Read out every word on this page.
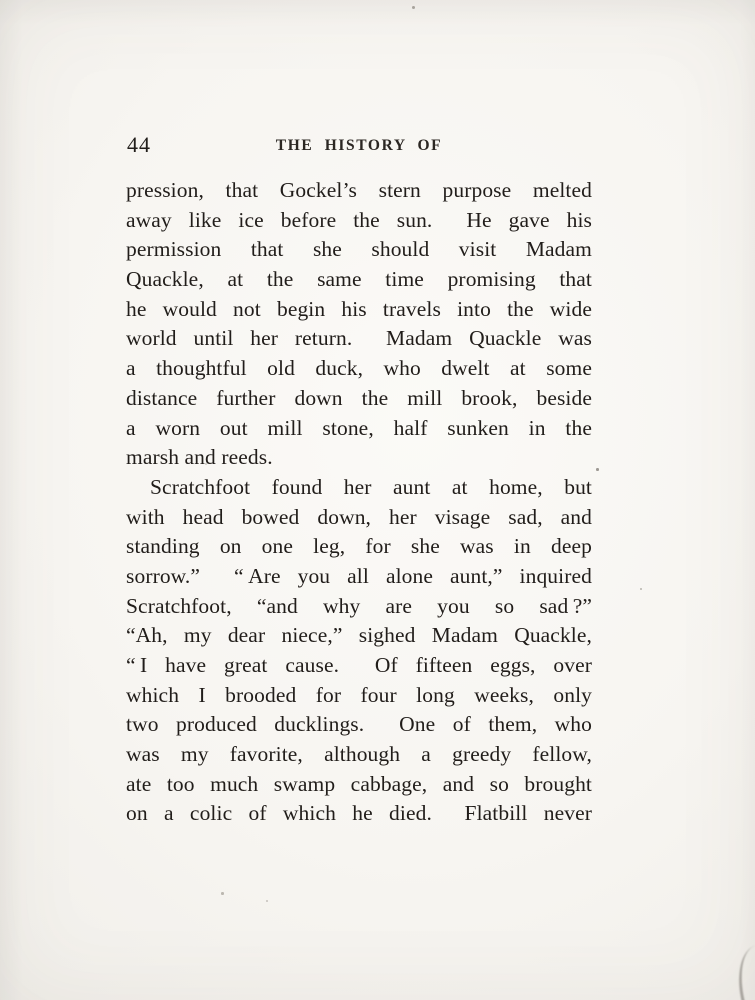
44	THE HISTORY OF
pression, that Gockel’s stern purpose melted
away like ice before the sun.  He gave his
permission that she should visit Madam
Quackle, at the same time promising that
he would not begin his travels into the wide
world until her return.  Madam Quackle was
a thoughtful old duck, who dwelt at some
distance further down the mill brook, beside
a worn out mill stone, half sunken in the
marsh and reeds.
Scratchfoot found her aunt at home, but
with head bowed down, her visage sad, and
standing on one leg, for she was in deep
sorrow.”  “ Are you all alone aunt,” inquired
Scratchfoot, “and why are you so sad ?”
“Ah, my dear niece,” sighed Madam Quackle,
“ I have great cause.  Of fifteen eggs, over
which I brooded for four long weeks, only
two produced ducklings.  One of them, who
was my favorite, although a greedy fellow,
ate too much swamp cabbage, and so brought
on a colic of which he died.  Flatbill never
